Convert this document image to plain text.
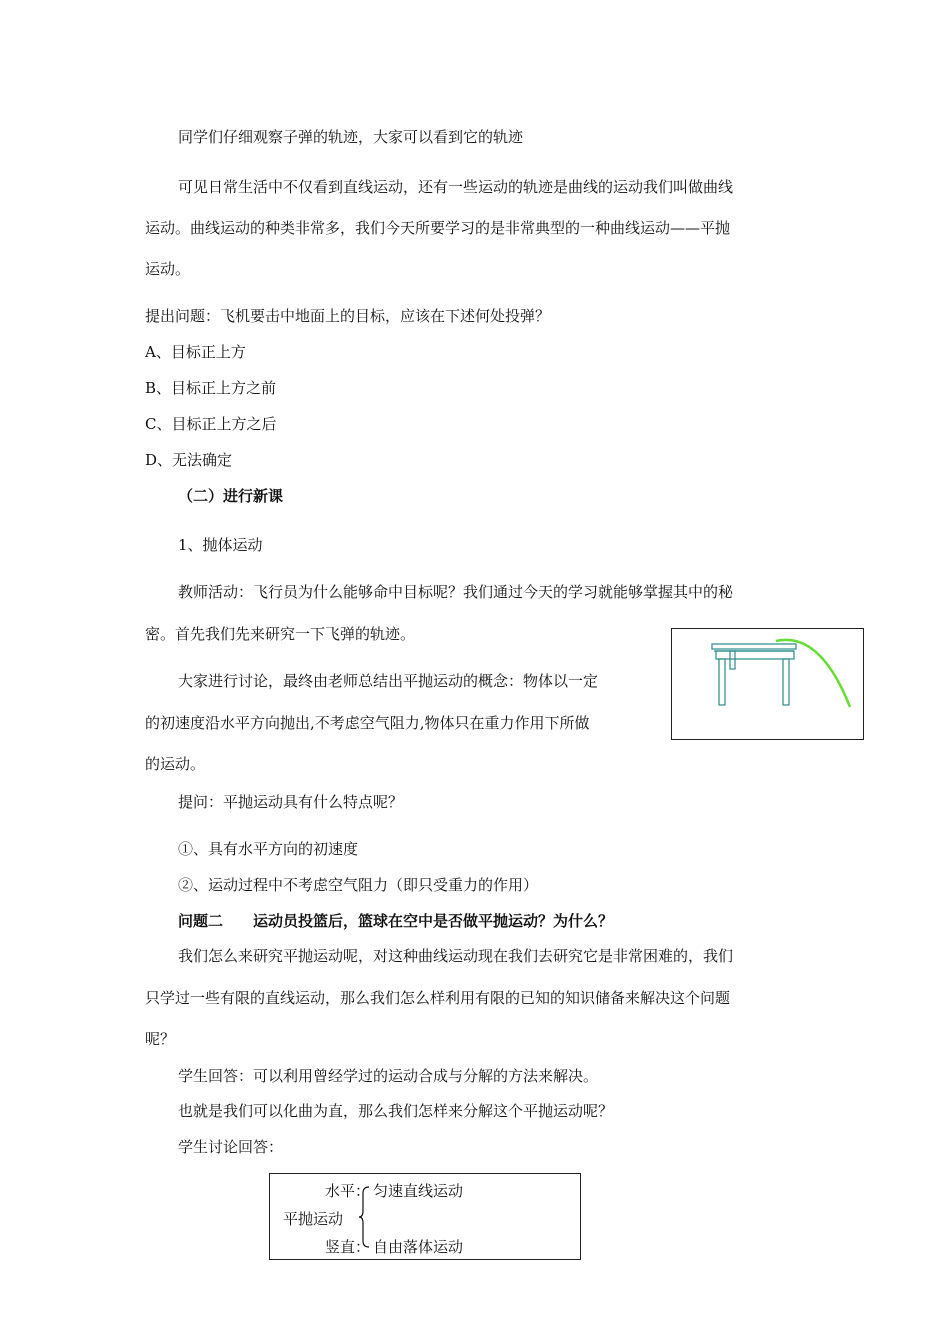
同学们仔细观察子弹的轨迹，大家可以看到它的轨迹
可见日常生活中不仅看到直线运动，还有一些运动的轨迹是曲线的运动我们叫做曲线
运动。曲线运动的种类非常多，我们今天所要学习的是非常典型的一种曲线运动——平抛
运动。
提出问题：飞机要击中地面上的目标，应该在下述何处投弹？
A、目标正上方
B、目标正上方之前
C、目标正上方之后
D、无法确定
（二）进行新课
1、抛体运动
教师活动：飞行员为什么能够命中目标呢？我们通过今天的学习就能够掌握其中的秘
密。首先我们先来研究一下飞弹的轨迹。
大家进行讨论，最终由老师总结出平抛运动的概念：物体以一定
的初速度沿水平方向抛出,不考虑空气阻力,物体只在重力作用下所做
的运动。
提问：平抛运动具有什么特点呢？
①、具有水平方向的初速度
②、运动过程中不考虑空气阻力（即只受重力的作用）
问题二　　运动员投篮后，篮球在空中是否做平抛运动？为什么？
我们怎么来研究平抛运动呢，对这种曲线运动现在我们去研究它是非常困难的，我们
只学过一些有限的直线运动，那么我们怎么样利用有限的已知的知识储备来解决这个问题
呢？
学生回答：可以利用曾经学过的运动合成与分解的方法来解决。
也就是我们可以化曲为直，那么我们怎样来分解这个平抛运动呢？
学生讨论回答：
水平： 匀速直线运动
平抛运动
竖直： 自由落体运动
